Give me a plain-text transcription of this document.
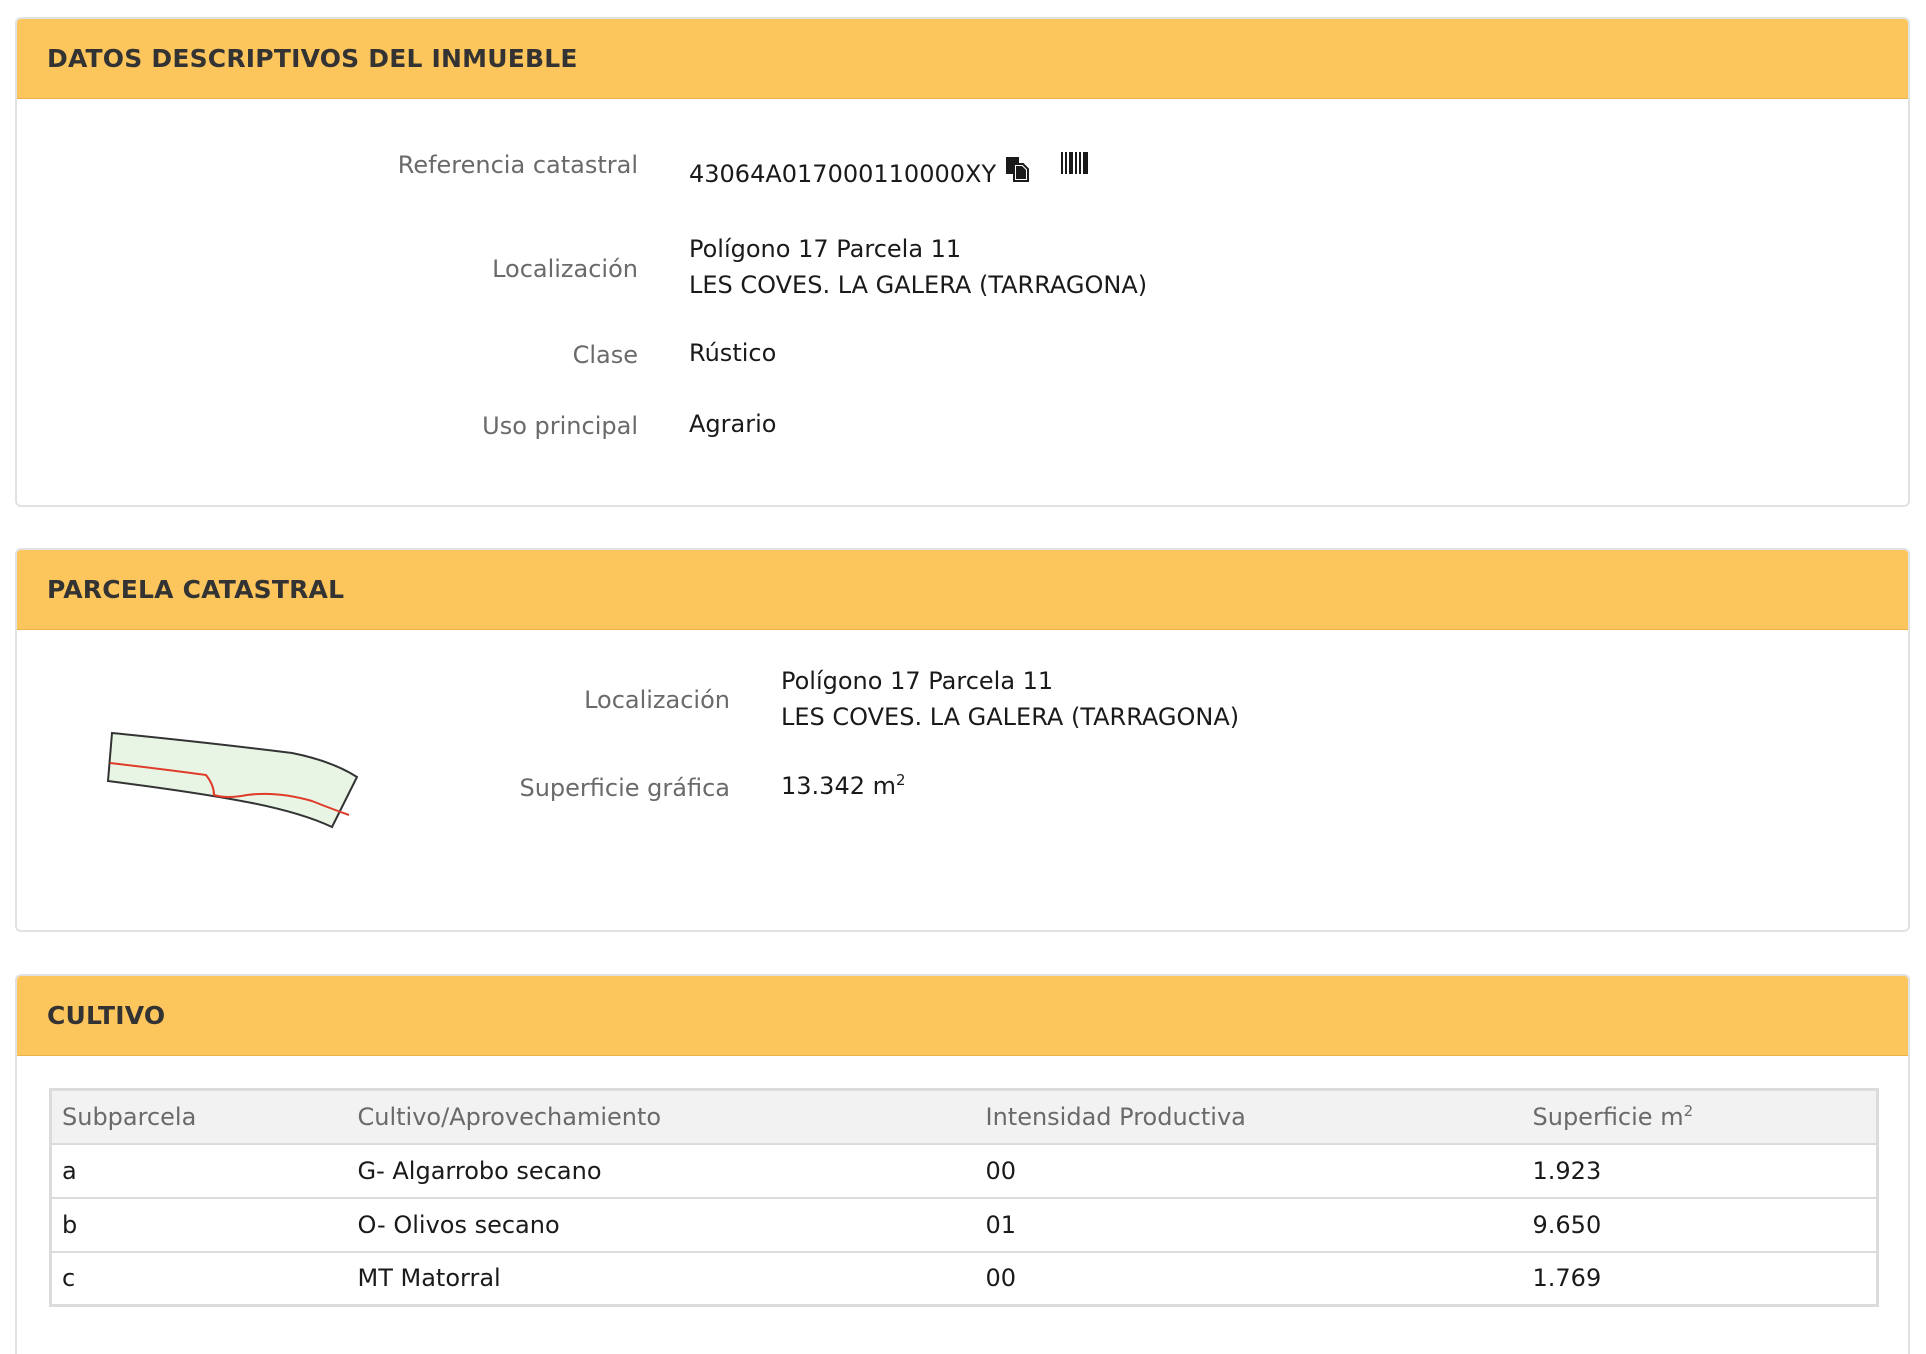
DATOS DESCRIPTIVOS DEL INMUEBLE
Referencia catastral 43064A017000110000XY
Localización
Polígono 17 Parcela 11
LES COVES. LA GALERA (TARRAGONA)
Clase Rústico
Uso principal Agrario
PARCELA CATASTRAL
Localización
Polígono 17 Parcela 11
LES COVES. LA GALERA (TARRAGONA)
Superficie gráfica 13.342 $m^2$
CULTIVO
Subparcela	Cultivo/Aprovechamiento	Intensidad Productiva	Superficie $m^2$
a	G- Algarrobo secano	00	1.923
b	O- Olivos secano	01	9.650
c	MT Matorral	00	1.769
